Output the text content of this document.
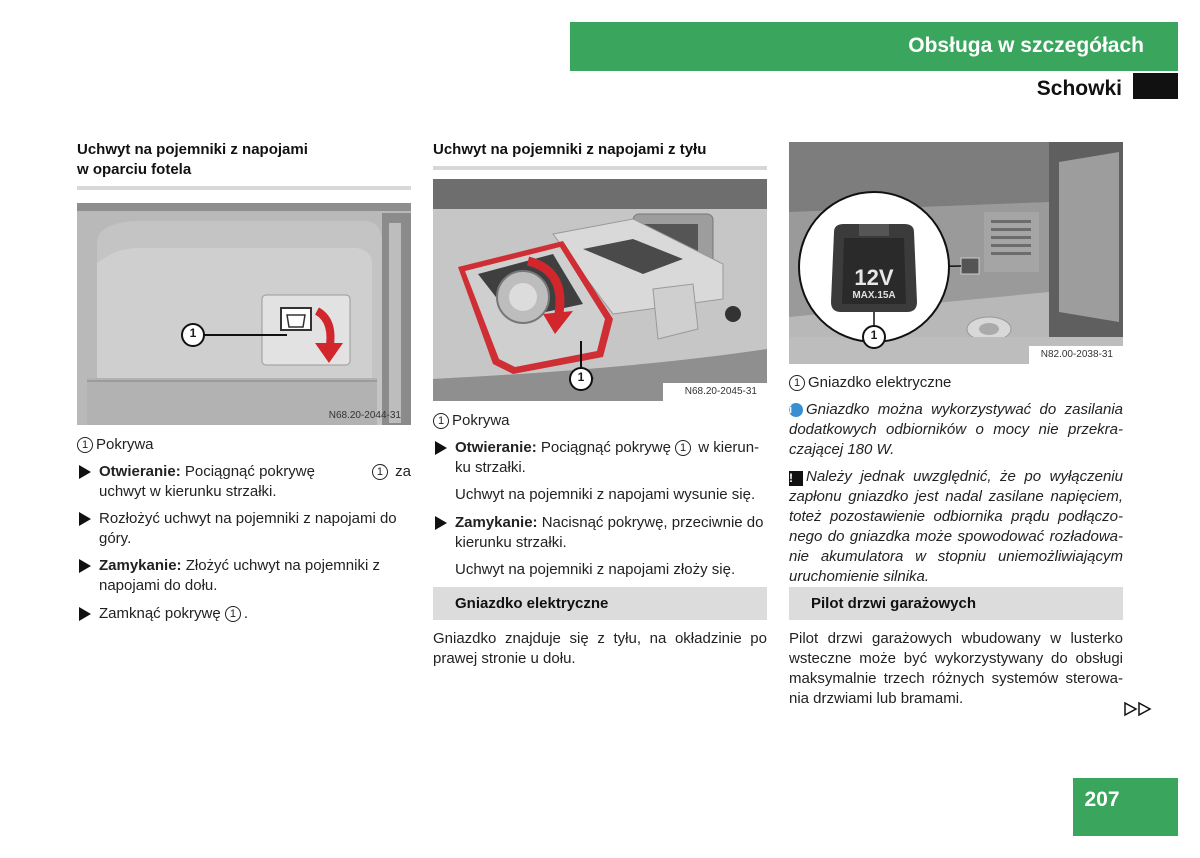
Obsługa w szczegółach
Schowki
Uchwyt na pojemniki z napojami
w oparciu fotela
1
N68.20-2044-31
1 Pokrywa
Otwieranie: Pociągnąć pokrywę	1 za
uchwyt w kierunku strzałki.
Rozłożyć uchwyt na pojemniki z napojami do
góry.
Zamykanie: Złożyć uchwyt na pojemniki z
napojami do dołu.
Zamknąć pokrywę 1 .
Uchwyt na pojemniki z napojami z tyłu
1
N68.20-2045-31
1 Pokrywa
Otwieranie: Pociągnąć pokrywę 1 w kierun-
ku strzałki.
Uchwyt na pojemniki z napojami wysunie się.
Zamykanie: Nacisnąć pokrywę, przeciwnie do
kierunku strzałki.
Uchwyt na pojemniki z napojami złoży się.
Gniazdko elektryczne
Gniazdko znajduje się z tyłu, na okładzinie po
prawej stronie u dołu.
12V
MAX.15A
1
N82.00-2038-31
1 Gniazdko elektryczne
i Gniazdko można wykorzystywać do zasilania
dodatkowych odbiorników o mocy nie przekra-
czającej 180 W.
! Należy jednak uwzględnić, że po wyłączeniu
zapłonu gniazdko jest nadal zasilane napięciem,
toteż pozostawienie odbiornika prądu podłączo-
nego do gniazdka może spowodować rozładowa-
nie akumulatora w stopniu uniemożliwiającym
uruchomienie silnika.
Pilot drzwi garażowych
Pilot drzwi garażowych wbudowany w lusterko
wsteczne może być wykorzystywany do obsługi
maksymalnie trzech różnych systemów sterowa-
nia drzwiami lub bramami.
207
